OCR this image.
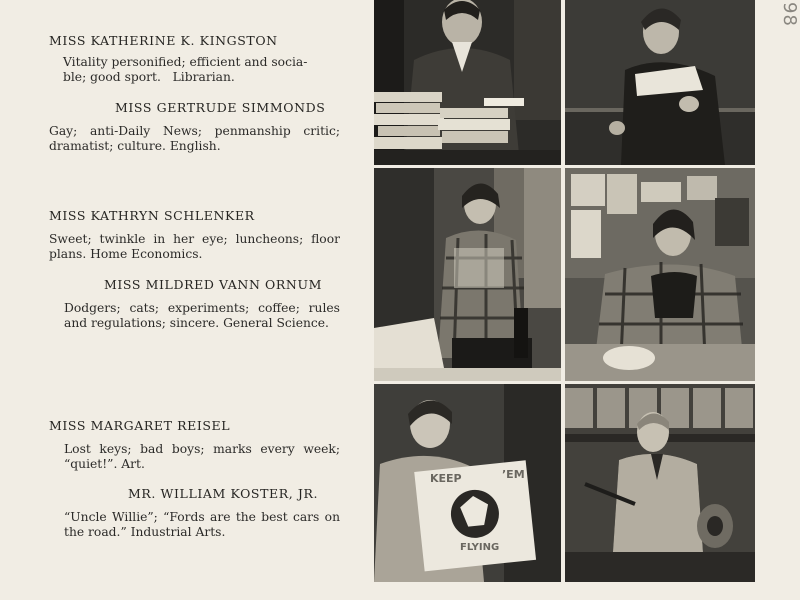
MISS KATHERINE K. KINGSTON
Vitality personified; efficient and socia-
ble; good sport.   Librarian.
MISS GERTRUDE SIMMONDS
Gay; anti-Daily News; penmanship critic; dramatist; culture. English.
MISS KATHRYN SCHLENKER
Sweet; twinkle in her eye; luncheons; floor plans. Home Economics.
MISS MILDRED VANN ORNUM
Dodgers; cats; experiments; coffee; rules and regulations; sincere. General Science.
MISS MARGARET REISEL
Lost keys; bad boys; marks every week; “quiet!”. Art.
MR. WILLIAM KOSTER, JR.
“Uncle Willie”; “Fords are the best cars on the road.” Industrial Arts.
KEEP	’EM
FLYING
98
